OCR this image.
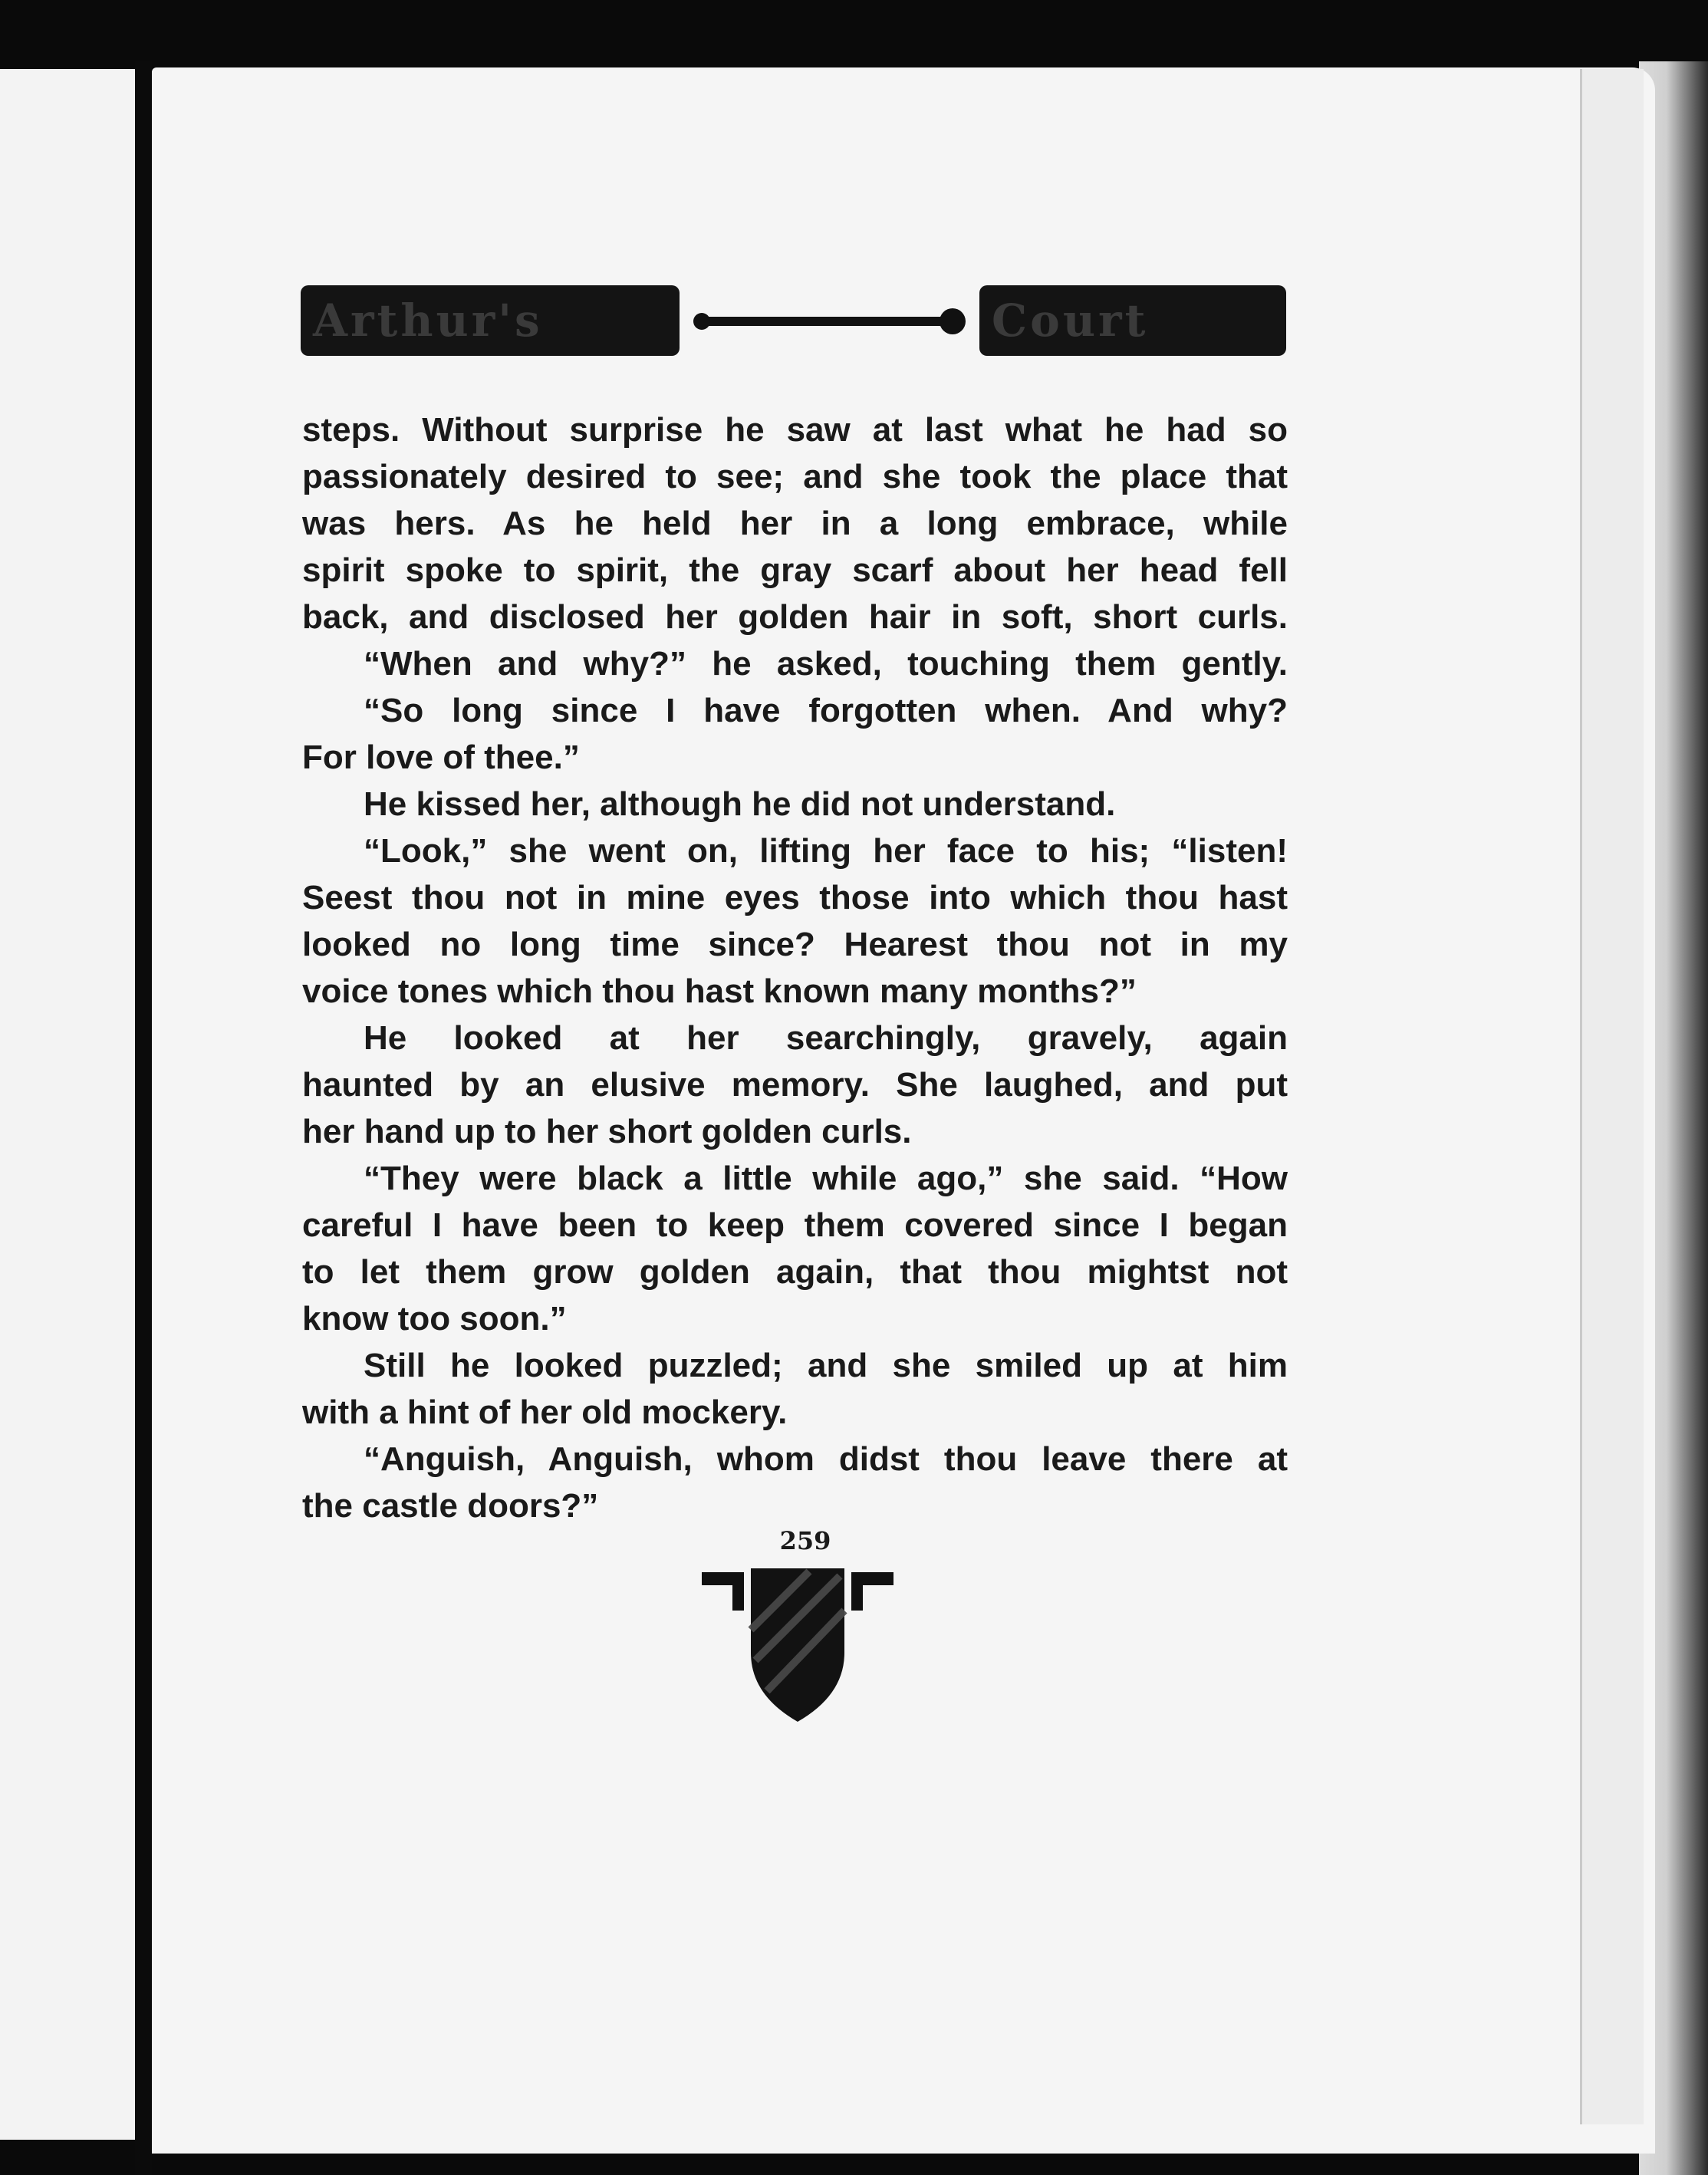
Arthur's	Court
steps. Without surprise he saw at last what he had so
passionately desired to see; and she took the place that
was hers. As he held her in a long embrace, while
spirit spoke to spirit, the gray scarf about her head fell
back, and disclosed her golden hair in soft, short curls.
“When and why?” he asked, touching them gently.
“So long since I have forgotten when. And why?
For love of thee.”
He kissed her, although he did not understand.
“Look,” she went on, lifting her face to his; “listen!
Seest thou not in mine eyes those into which thou hast
looked no long time since? Hearest thou not in my
voice tones which thou hast known many months?”
He looked at her searchingly, gravely, again
haunted by an elusive memory. She laughed, and put
her hand up to her short golden curls.
“They were black a little while ago,” she said. “How
careful I have been to keep them covered since I began
to let them grow golden again, that thou mightst not
know too soon.”
Still he looked puzzled; and she smiled up at him
with a hint of her old mockery.
“Anguish, Anguish, whom didst thou leave there at
the castle doors?”
259
